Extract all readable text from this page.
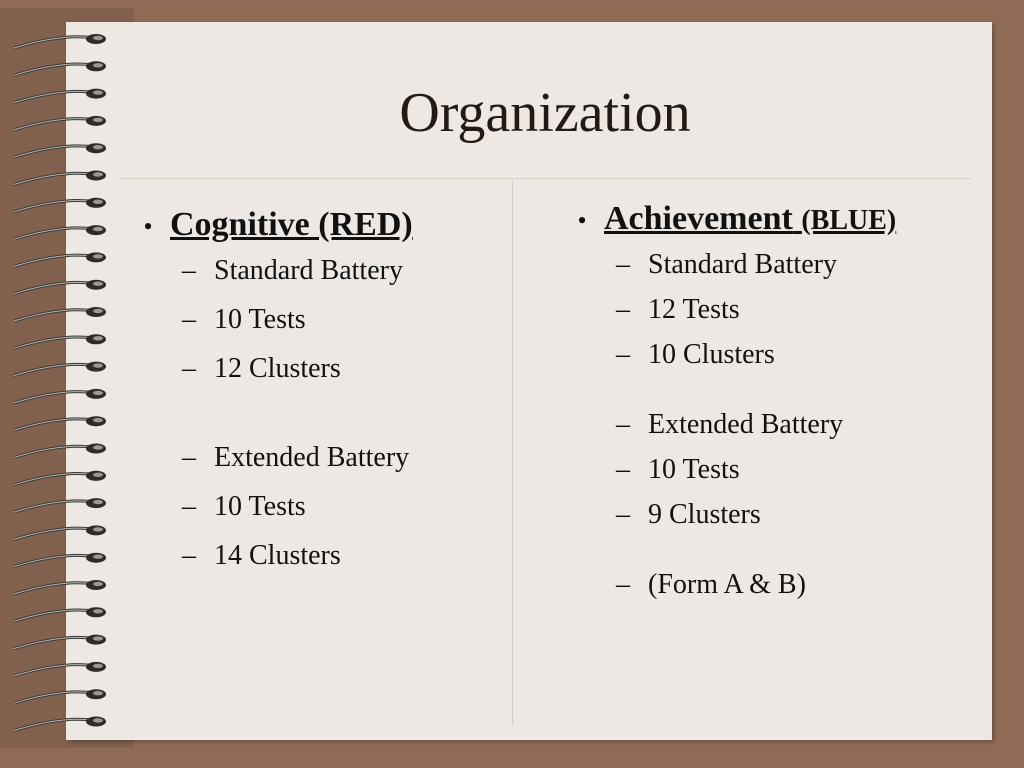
Organization
• Cognitive (RED)
– Standard Battery
– 10 Tests
– 12 Clusters
– Extended Battery
– 10 Tests
– 14 Clusters
• Achievement (BLUE)
– Standard Battery
– 12 Tests
– 10 Clusters
– Extended Battery
– 10 Tests
– 9 Clusters
– (Form A & B)
